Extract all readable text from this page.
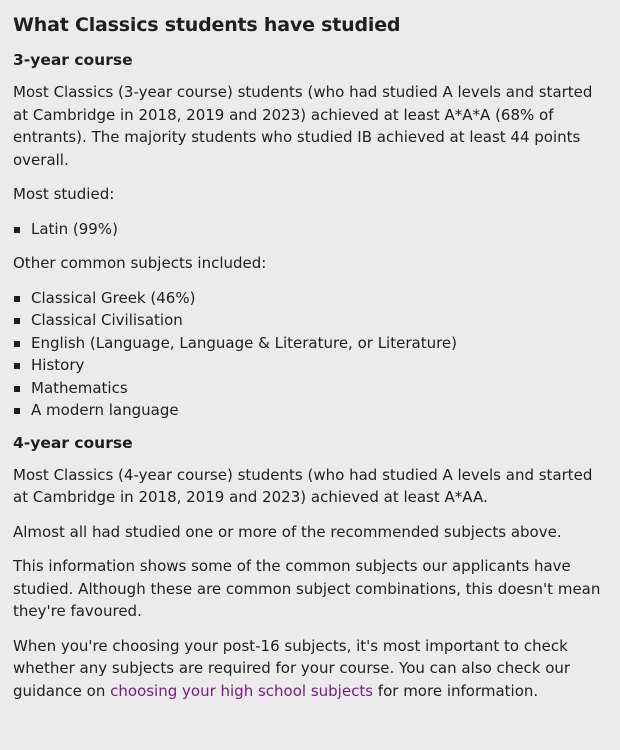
What Classics students have studied
3-year course

Most Classics (3-year course) students (who had studied A levels and started at Cambridge in 2018, 2019 and 2023) achieved at least A*A*A (68% of entrants). The majority students who studied IB achieved at least 44 points overall.

Most studied:

Latin (99%)

Other common subjects included:

Classical Greek (46%)
Classical Civilisation
English (Language, Language & Literature, or Literature)
History
Mathematics
A modern language
4-year course

Most Classics (4-year course) students (who had studied A levels and started at Cambridge in 2018, 2019 and 2023) achieved at least A*AA.

Almost all had studied one or more of the recommended subjects above.

This information shows some of the common subjects our applicants have studied. Although these are common subject combinations, this doesn't mean they're favoured.

When you're choosing your post-16 subjects, it's most important to check whether any subjects are required for your course. You can also check our guidance on choosing your high school subjects for more information.
